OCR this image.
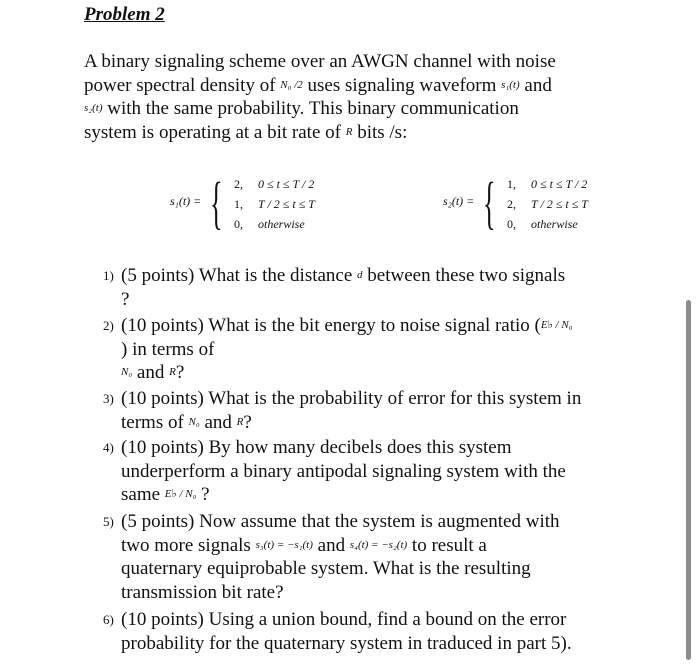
Problem 2
A binary signaling scheme over an AWGN channel with noise
power spectral density of N₀ /2 uses signaling waveform s₁(t) and
s₂(t) with the same probability. This binary communication
system is operating at a bit rate of R bits /s:
s₁(t) = { 2, 0 ≤ t ≤ T / 2
1, T / 2 ≤ t ≤ T
0, otherwise
s₂(t) = { 1, 0 ≤ t ≤ T / 2
2, T / 2 ≤ t ≤ T
0, otherwise
1) (5 points) What is the distance d between these two signals
?
2) (10 points) What is the bit energy to noise signal ratio (E♭ / N₀
) in terms of
N₀ and R?
3) (10 points) What is the probability of error for this system in
terms of N₀ and R?
4) (10 points) By how many decibels does this system
underperform a binary antipodal signaling system with the
same E♭ / N₀ ?
5) (5 points) Now assume that the system is augmented with
two more signals s₃(t) = −s₁(t) and s₄(t) = −s₂(t) to result a
quaternary equiprobable system. What is the resulting
transmission bit rate?
6) (10 points) Using a union bound, find a bound on the error
probability for the quaternary system in traduced in part 5).
